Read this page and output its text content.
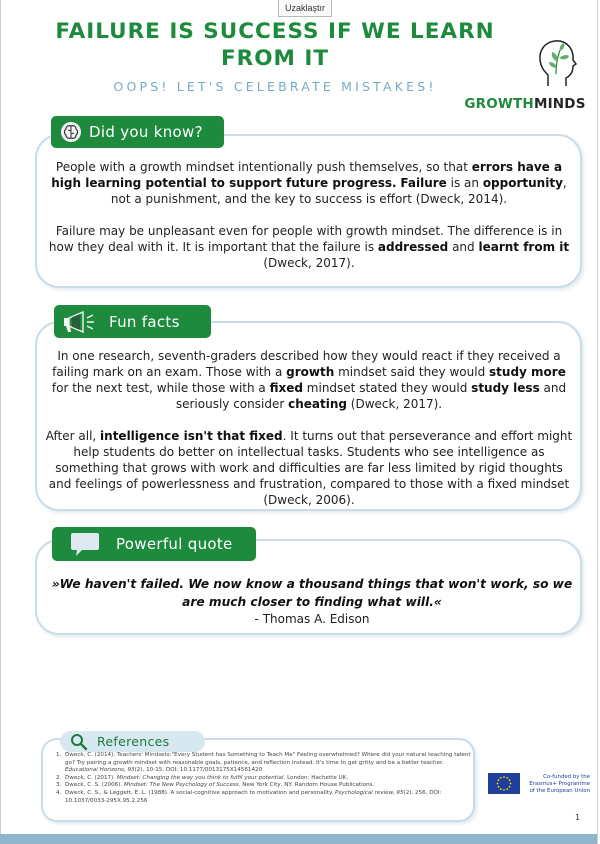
Uzaklaştır
FAILURE IS SUCCESS IF WE LEARN
FROM IT
OOPS! LET'S CELEBRATE MISTAKES!
GROWTHMINDS
Did you know?

People with a growth mindset intentionally push themselves, so that errors have a high learning potential to support future progress. Failure is an opportunity, not a punishment, and the key to success is effort (Dweck, 2014).

Failure may be unpleasant even for people with growth mindset. The difference is in how they deal with it. It is important that the failure is addressed and learnt from it (Dweck, 2017).

Fun facts

In one research, seventh-graders described how they would react if they received a failing mark on an exam. Those with a growth mindset said they would study more for the next test, while those with a fixed mindset stated they would study less and seriously consider cheating (Dweck, 2017).

After all, intelligence isn't that fixed. It turns out that perseverance and effort might help students do better on intellectual tasks. Students who see intelligence as something that grows with work and difficulties are far less limited by rigid thoughts and feelings of powerlessness and frustration, compared to those with a fixed mindset (Dweck, 2006).

Powerful quote
»We haven't failed. We now know a thousand things that won't work, so we are much closer to finding what will.«
- Thomas A. Edison
References
1. Dweck, C. (2014). Teachers' Mindsets:"Every Student has Something to Teach Me" Feeling overwhelmed? Where did your natural teaching talent go? Try pairing a growth mindset with reasonable goals, patience, and reflection instead. It's time to get gritty and be a better teacher. Educational Horizons, 93(2), 10-15. DOI: 10.1177/0013175X14561420
2. Dweck, C. (2017). Mindset: Changing the way you think to fulfil your potential. London: Hachette UK.
3. Dweck, C. S. (2006). Mindset: The New Psychology of Success. New York City, NY: Random House Publications.
4. Dweck, C. S., & Leggett, E. L. (1988). A social-cognitive approach to motivation and personality. Psychological review, 95(2), 256. DOI: 10.1037/0033-295X.95.2.256
Co-funded by the
Erasmus+ Programme
of the European Union
1
